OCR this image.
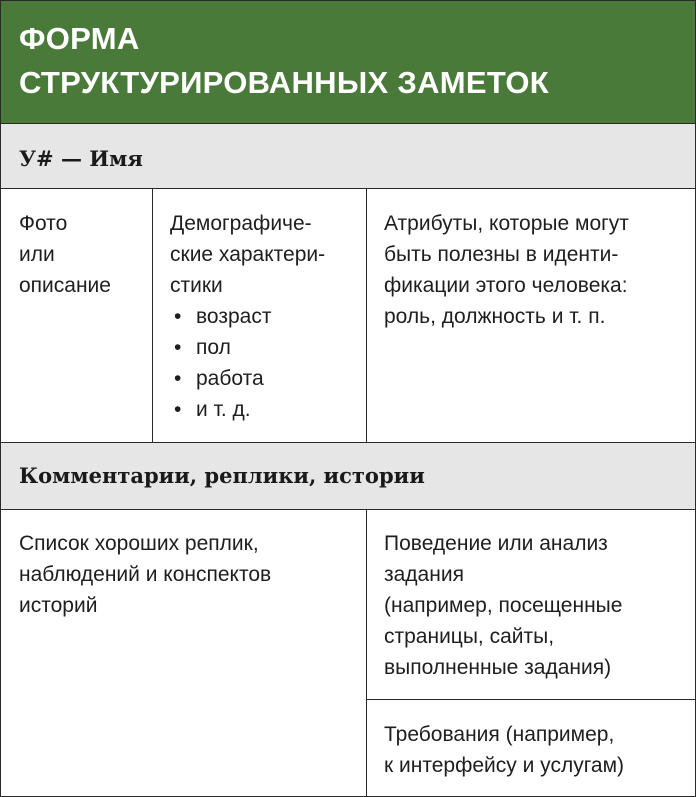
ФОРМА
СТРУКТУРИРОВАННЫХ ЗАМЕТОК
У# — Имя
Фото
или
описание
Демографиче-
ские характери-
стики
• возраст
• пол
• работа
• и т. д.
Атрибуты, которые могут
быть полезны в иденти-
фикации этого человека:
роль, должность и т. п.
Комментарии, реплики, истории
Список хороших реплик,
наблюдений и конспектов
историй
Поведение или анализ
задания
(например, посещенные
страницы, сайты,
выполненные задания)
Требования (например,
к интерфейсу и услугам)
